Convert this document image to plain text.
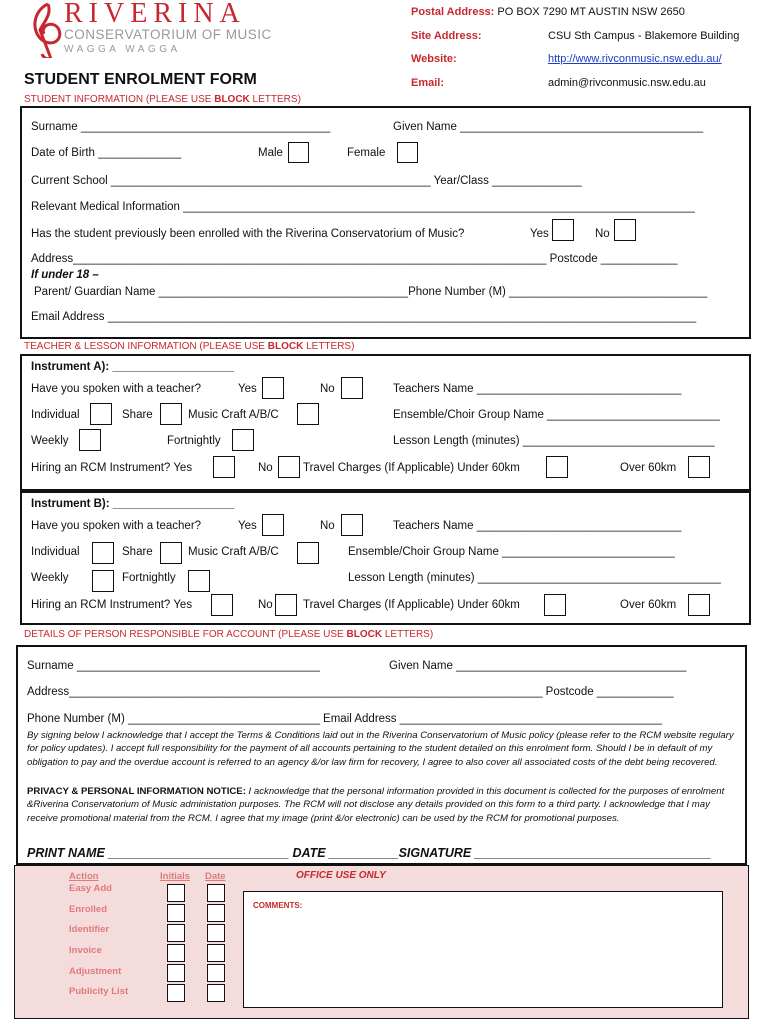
RIVERINA
CONSERVATORIUM OF MUSIC
WAGGA WAGGA
Postal Address: PO BOX 7290 MT AUSTIN NSW 2650
Site Address:	CSU Sth Campus - Blakemore Building
Website:	http://www.rivconmusic.nsw.edu.au/
Email:	admin@rivconmusic.nsw.edu.au
STUDENT ENROLMENT FORM
STUDENT INFORMATION (PLEASE USE BLOCK LETTERS)
Surname _______________________________________	Given Name ______________________________________
Date of Birth _____________	Male	Female
Current School __________________________________________________ Year/Class ______________
Relevant Medical Information ________________________________________________________________________________
Has the student previously been enrolled with the Riverina Conservatorium of Music?	Yes	No
Address__________________________________________________________________________ Postcode ____________
If under 18 –
Parent/ Guardian Name _______________________________________Phone Number (M) _______________________________
Email Address ____________________________________________________________________________________________
TEACHER & LESSON INFORMATION (PLEASE USE BLOCK LETTERS)
Instrument A): ___________________
Have you spoken with a teacher?	Yes	No	Teachers Name ________________________________
Individual	Share	Music Craft A/B/C	Ensemble/Choir Group Name ___________________________
Weekly	Fortnightly	Lesson Length (minutes) ______________________________
Hiring an RCM Instrument? Yes	No	Travel Charges (If Applicable) Under 60km	Over 60km
Instrument B): ___________________
Have you spoken with a teacher?	Yes	No	Teachers Name ________________________________
Individual	Share	Music Craft A/B/C	Ensemble/Choir Group Name ___________________________
Weekly	Fortnightly	Lesson Length (minutes) ______________________________________
Hiring an RCM Instrument? Yes	No	Travel Charges (If Applicable) Under 60km	Over 60km
DETAILS OF PERSON RESPONSIBLE FOR ACCOUNT (PLEASE USE BLOCK LETTERS)
Surname ______________________________________	Given Name ____________________________________
Address__________________________________________________________________________ Postcode ____________
Phone Number (M) ______________________________ Email Address _________________________________________
By signing below I acknowledge that I accept the Terms & Conditions laid out in the Riverina Conservatorium of Music policy (please refer to the RCM website regulary for policy updates). I accept full responsibility for the payment of all accounts pertaining to the student detailed on this enrolment form. Should I be in default of my obligation to pay and the overdue account is referred to an agency &/or law firm for recovery, I agree to also cover all associated costs of the debt being recovered.
PRIVACY & PERSONAL INFORMATION NOTICE: I acknowledge that the personal information provided in this document is collected for the purposes of enrolment &Riverina Conservatorium of Music administation purposes. The RCM will not disclose any details provided on this form to a third party. I acknowledge that I may receive promotional material from the RCM. I agree that my image (print &/or electronic) can be used by the RCM for promotional purposes.
PRINT NAME __________________________ DATE __________SIGNATURE __________________________________
OFFICE USE ONLY
Action	Initials Date
Easy Add
Enrolled
Identifier
Invoice
Adjustment
Publicity List
COMMENTS:
